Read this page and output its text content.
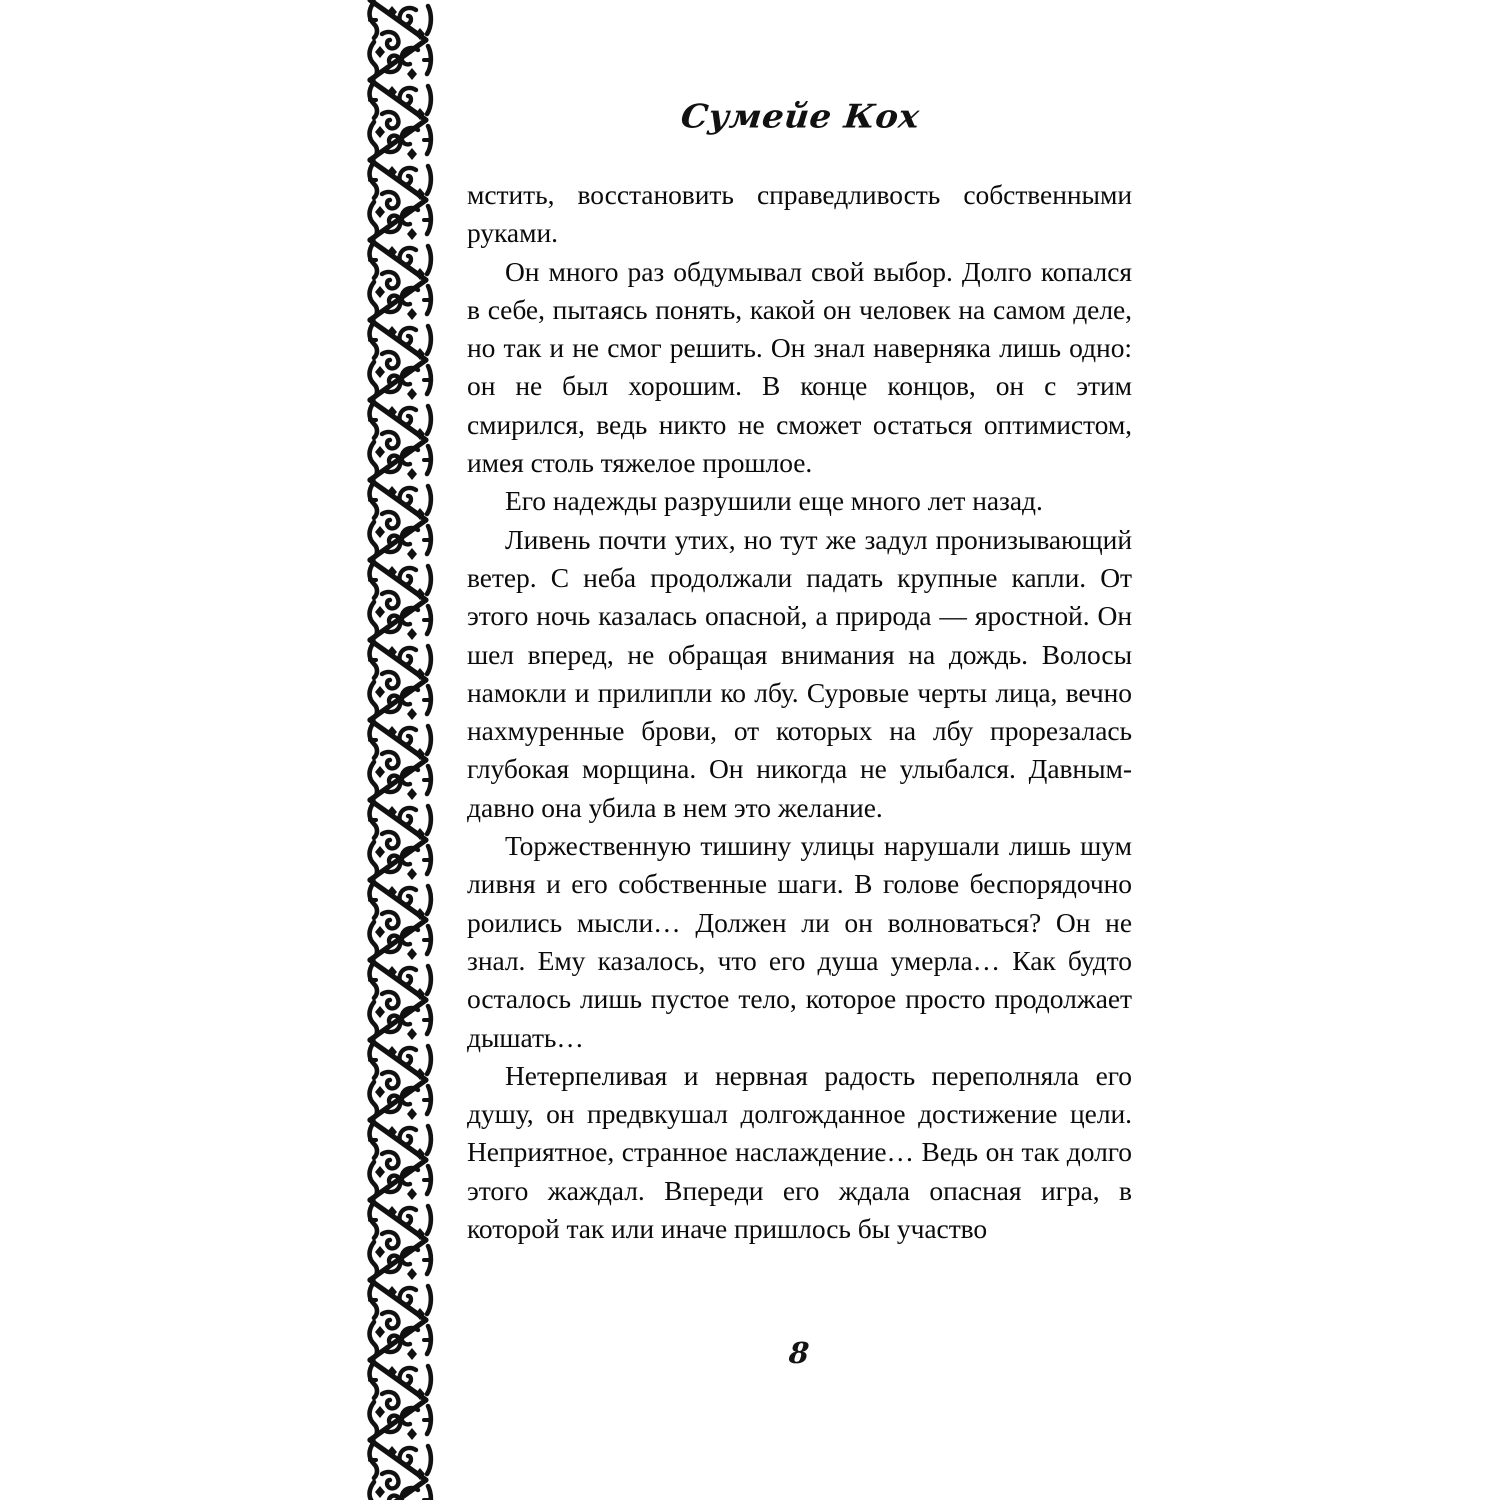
Сумейе Кох

мстить, восстановить справедливость собственными руками.

Он много раз обдумывал свой выбор. Долго копался в себе, пытаясь понять, какой он человек на самом деле, но так и не смог решить. Он знал наверняка лишь одно: он не был хорошим. В конце концов, он с этим смирился, ведь никто не сможет остаться оптимистом, имея столь тяжелое прошлое.

Его надежды разрушили еще много лет назад.

Ливень почти утих, но тут же задул пронизывающий ветер. С неба продолжали падать крупные капли. От этого ночь казалась опасной, а природа — яростной. Он шел вперед, не обращая внимания на дождь. Волосы намокли и прилипли ко лбу. Суровые черты лица, вечно нахмуренные брови, от которых на лбу прорезалась глубокая морщина. Он никогда не улыбался. Давным-давно она убила в нем это желание.

Торжественную тишину улицы нарушали лишь шум ливня и его собственные шаги. В голове беспорядочно роились мысли… Должен ли он волноваться? Он не знал. Ему казалось, что его душа умерла… Как будто осталось лишь пустое тело, которое просто продолжает дышать…

Нетерпеливая и нервная радость переполняла его душу, он предвкушал долгожданное достижение цели. Неприятное, странное наслаждение… Ведь он так долго этого жаждал. Впереди его ждала опасная игра, в которой так или иначе пришлось бы участво

8
